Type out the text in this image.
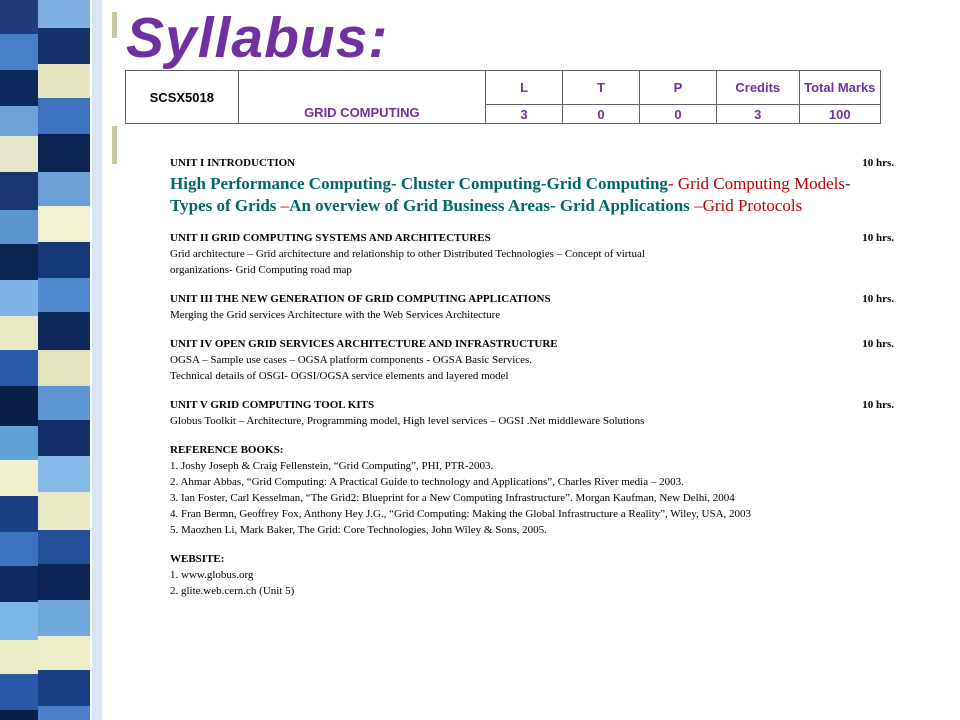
Syllabus:
SCSX5018	GRID COMPUTING	L	T	P	Credits	Total Marks
		3	0	0	3	100

UNIT I INTRODUCTION	10 hrs.

High Performance Computing- Cluster Computing-Grid Computing- Grid Computing Models- Types of Grids –An overview of Grid Business Areas- Grid Applications –Grid Protocols

UNIT II GRID COMPUTING SYSTEMS AND ARCHITECTURES	10 hrs.

Grid architecture – Grid architecture and relationship to other Distributed Technologies – Concept of virtual

organizations- Grid Computing road map

UNIT III THE NEW GENERATION OF GRID COMPUTING APPLICATIONS	10 hrs.

Merging the Grid services Architecture with the Web Services Architecture

UNIT IV OPEN GRID SERVICES ARCHITECTURE AND INFRASTRUCTURE	10 hrs.

OGSA – Sample use cases – OGSA platform components - OGSA Basic Services.

Technical details of OSGI- OGSI/OGSA service elements and layered model

UNIT V GRID COMPUTING TOOL KITS	10 hrs.

Globus Toolkit – Architecture, Programming model, High level services – OGSI .Net middleware Solutions

REFERENCE BOOKS:

1. Joshy Joseph & Craig Fellenstein, “Grid Computing”, PHI, PTR-2003.

2. Ahmar Abbas, “Grid Computing: A Practical Guide to technology and Applications”, Charles River media – 2003.

3. Ian Foster, Carl Kesselman, “The Grid2: Blueprint for a New Computing Infrastructure”. Morgan Kaufman, New Delhi, 2004

4. Fran Bermn, Geoffrey Fox, Anthony Hey J.G., “Grid Computing: Making the Global Infrastructure a Reality”, Wiley, USA, 2003

5. Maozhen Li, Mark Baker, The Grid: Core Technologies, John Wiley & Sons, 2005.

WEBSITE:

1. www.globus.org

2. glite.web.cern.ch (Unit 5)
